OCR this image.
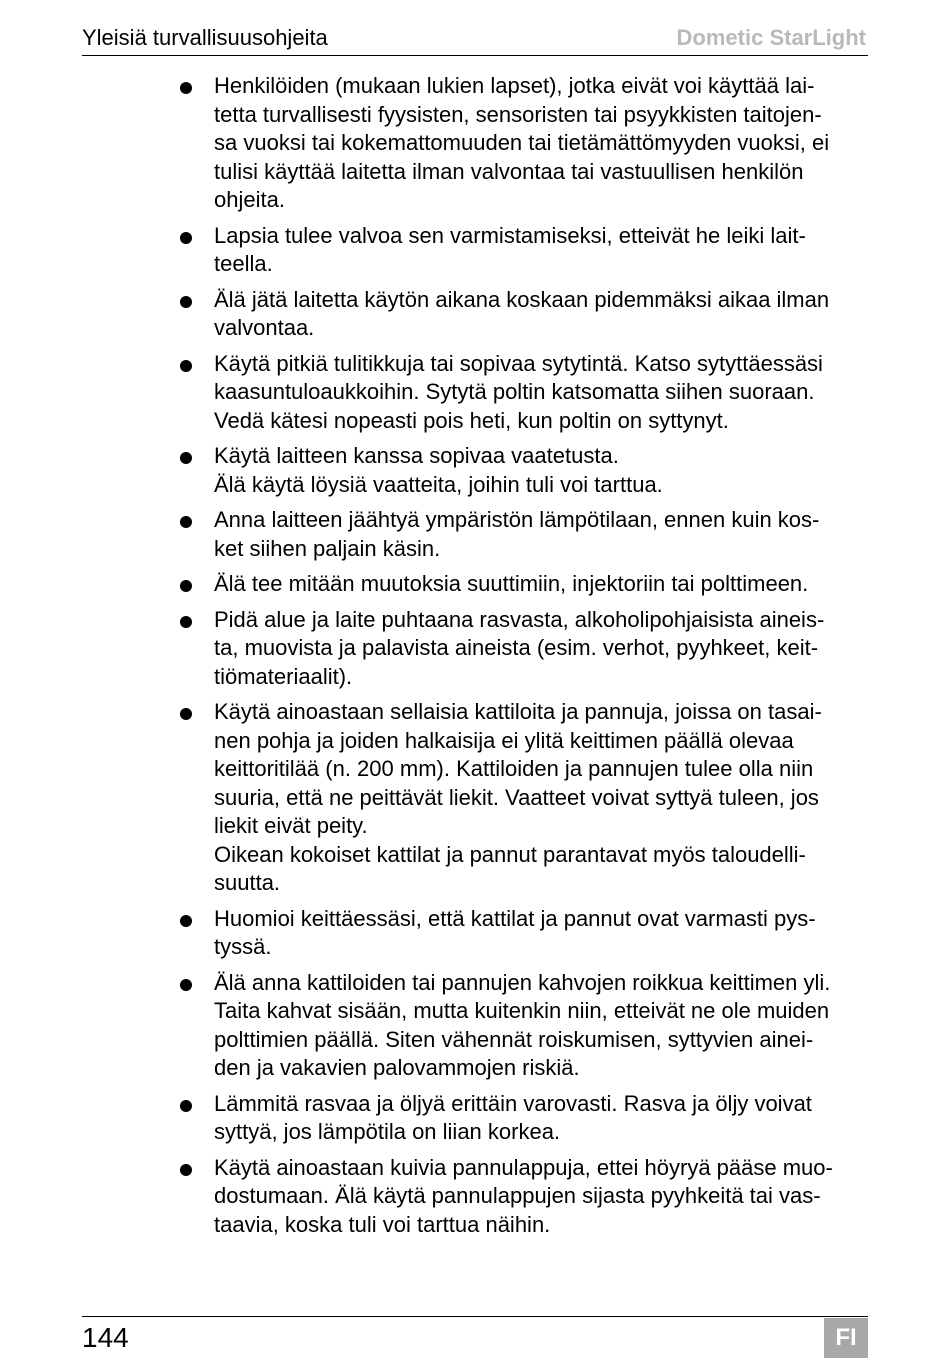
Yleisiä turvallisuusohjeita	Dometic StarLight
Henkilöiden (mukaan lukien lapset), jotka eivät voi käyttää lai-
tetta turvallisesti fyysisten, sensoristen tai psyykkisten taitojen-
sa vuoksi tai kokemattomuuden tai tietämättömyyden vuoksi, ei
tulisi käyttää laitetta ilman valvontaa tai vastuullisen henkilön
ohjeita.
Lapsia tulee valvoa sen varmistamiseksi, etteivät he leiki lait-
teella.
Älä jätä laitetta käytön aikana koskaan pidemmäksi aikaa ilman
valvontaa.
Käytä pitkiä tulitikkuja tai sopivaa sytytintä. Katso sytyttäessäsi
kaasuntuloaukkoihin. Sytytä poltin katsomatta siihen suoraan.
Vedä kätesi nopeasti pois heti, kun poltin on syttynyt.
Käytä laitteen kanssa sopivaa vaatetusta.
Älä käytä löysiä vaatteita, joihin tuli voi tarttua.
Anna laitteen jäähtyä ympäristön lämpötilaan, ennen kuin kos-
ket siihen paljain käsin.
Älä tee mitään muutoksia suuttimiin, injektoriin tai polttimeen.
Pidä alue ja laite puhtaana rasvasta, alkoholipohjaisista aineis-
ta, muovista ja palavista aineista (esim. verhot, pyyhkeet, keit-
tiömateriaalit).
Käytä ainoastaan sellaisia kattiloita ja pannuja, joissa on tasai-
nen pohja ja joiden halkaisija ei ylitä keittimen päällä olevaa
keittoritilää (n. 200 mm). Kattiloiden ja pannujen tulee olla niin
suuria, että ne peittävät liekit. Vaatteet voivat syttyä tuleen, jos
liekit eivät peity.
Oikean kokoiset kattilat ja pannut parantavat myös taloudelli-
suutta.
Huomioi keittäessäsi, että kattilat ja pannut ovat varmasti pys-
tyssä.
Älä anna kattiloiden tai pannujen kahvojen roikkua keittimen yli.
Taita kahvat sisään, mutta kuitenkin niin, etteivät ne ole muiden
polttimien päällä. Siten vähennät roiskumisen, syttyvien ainei-
den ja vakavien palovammojen riskiä.
Lämmitä rasvaa ja öljyä erittäin varovasti. Rasva ja öljy voivat
syttyä, jos lämpötila on liian korkea.
Käytä ainoastaan kuivia pannulappuja, ettei höyryä pääse muo-
dostumaan. Älä käytä pannulappujen sijasta pyyhkeitä tai vas-
taavia, koska tuli voi tarttua näihin.
144	FI
